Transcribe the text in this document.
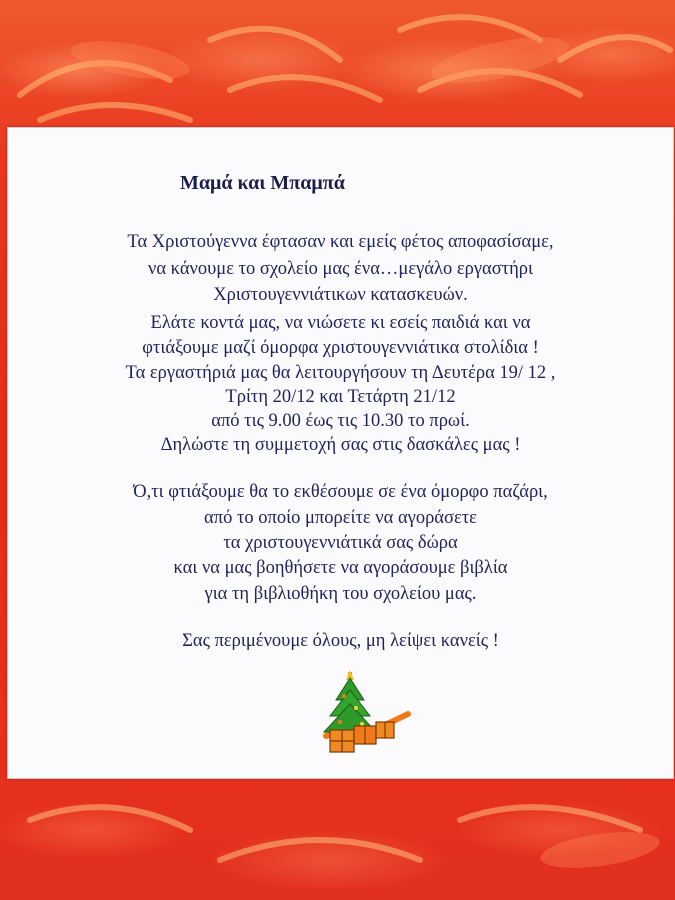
Μαμά και Μπαμπά
Τα Χριστούγεννα έφτασαν και εμείς φέτος αποφασίσαμε,
να κάνουμε το σχολείο μας ένα…μεγάλο εργαστήρι
Χριστουγεννιάτικων κατασκευών.
Ελάτε κοντά μας, να νιώσετε κι εσείς παιδιά και να
φτιάξουμε μαζί όμορφα χριστουγεννιάτικα στολίδια !
Τα εργαστήριά μας θα λειτουργήσουν τη Δευτέρα 19/ 12 ,
Τρίτη 20/12 και Τετάρτη 21/12
από τις 9.00 έως τις 10.30 το πρωί.
Δηλώστε τη συμμετοχή σας στις δασκάλες μας !
Ό,τι φτιάξουμε θα το εκθέσουμε σε ένα όμορφο παζάρι,
από το οποίο μπορείτε να αγοράσετε
τα χριστουγεννιάτικά σας δώρα
και να μας βοηθήσετε να αγοράσουμε βιβλία
για τη βιβλιοθήκη του σχολείου μας.
Σας περιμένουμε όλους, μη λείψει κανείς !
